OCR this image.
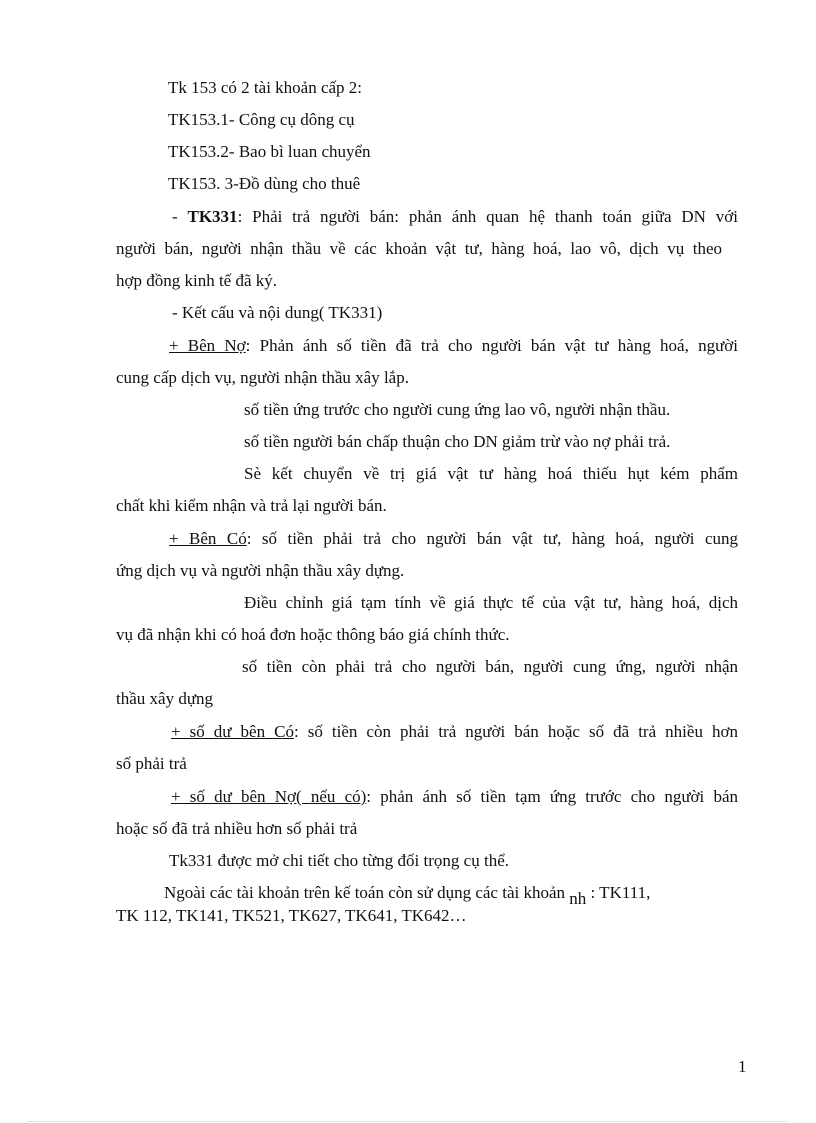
Tk 153 có 2 tài khoản cấp 2:
TK153.1- Công cụ dông cụ
TK153.2- Bao bì luan chuyển
TK153. 3-Đồ dùng cho thuê
- TK331: Phải trả người bán: phản ánh quan hệ thanh toán giữa DN với
người bán, người nhận thầu về các khoản vật tư, hàng hoá, lao vô, dịch vụ theo
hợp đồng kinh tế đã ký.
- Kết cấu và nội dung( TK331)
+ Bên Nợ: Phản ánh số tiền đã trả cho người bán vật tư hàng hoá, người
cung cấp dịch vụ, người nhận thầu xây lắp.
số tiền ứng trước cho người cung ứng lao vô, người nhận thầu.
số tiền người bán chấp thuận cho DN giảm trừ vào nợ phải trả.
Sè kết chuyển về trị giá vật tư hàng hoá thiếu hụt kém phẩm
chất khi kiểm nhận và trả lại người bán.
+ Bên Có: số tiền phải trả cho người bán vật tư, hàng hoá, người cung
ứng dịch vụ và người nhận thầu xây dựng.
Điều chỉnh giá tạm tính về giá thực tế của vật tư, hàng hoá, dịch
vụ đã nhận khi có hoá đơn hoặc thông báo giá chính thức.
số tiền còn phải trả cho người bán, người cung ứng, người nhận
thầu xây dựng
+ số dư bên Có: số tiền còn phải trả người bán hoặc số đã trả nhiều hơn
số phải trả
+ số dư bên Nợ( nếu có): phản ánh số tiền tạm ứng trước cho người bán
hoặc số đã trả nhiều hơn số phải trả
Tk331 được mở chi tiết cho từng đối trọng cụ thể.
Ngoài các tài khoản trên kế toán còn sử dụng các tài khoản nh : TK111,
TK 112, TK141, TK521, TK627, TK641, TK642…
1
